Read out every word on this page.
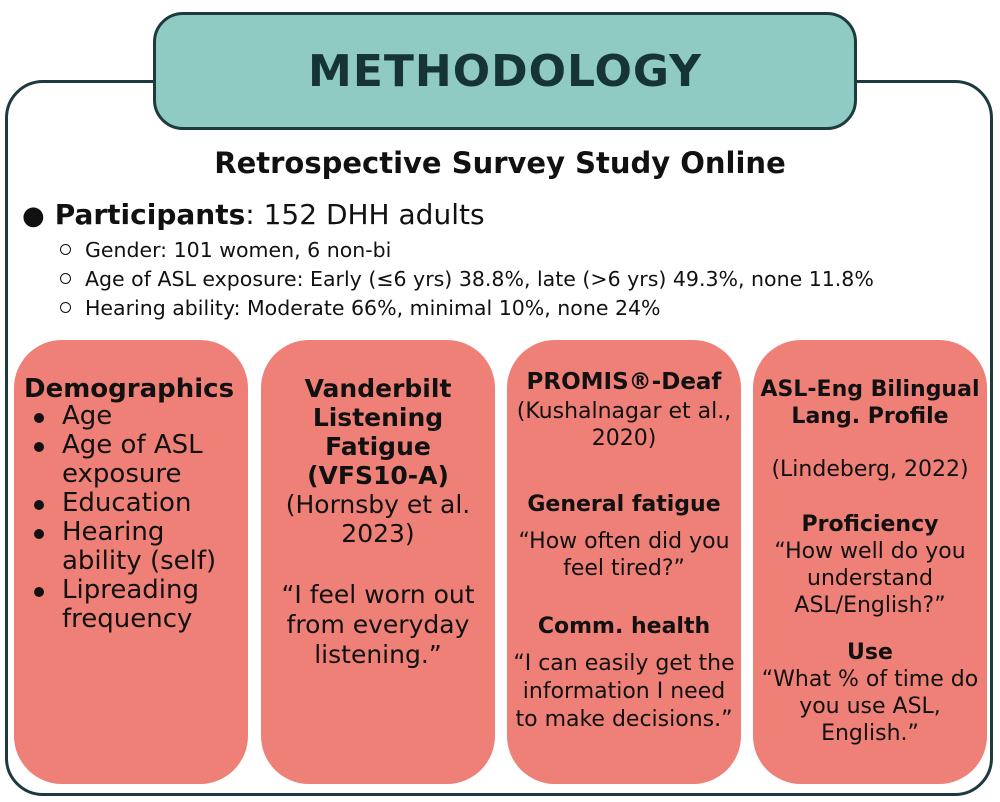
METHODOLOGY
Retrospective Survey Study Online
● Participants: 152 DHH adults
Gender: 101 women, 6 non-bi
Age of ASL exposure: Early (≤6 yrs) 38.8%, late (>6 yrs) 49.3%, none 11.8%
Hearing ability: Moderate 66%, minimal 10%, none 24%
Demographics
Age
Age of ASL exposure
Education
Hearing ability (self)
Lipreading frequency
Vanderbilt Listening Fatigue (VFS10-A)
(Hornsby et al. 2023)
“I feel worn out from everyday listening.”
PROMIS®-Deaf
(Kushalnagar et al., 2020)
General fatigue
“How often did you feel tired?”
Comm. health
“I can easily get the information I need to make decisions.”
ASL-Eng Bilingual Lang. Profile
(Lindeberg, 2022)
Proficiency
“How well do you understand ASL/English?”
Use
“What % of time do you use ASL, English.”
